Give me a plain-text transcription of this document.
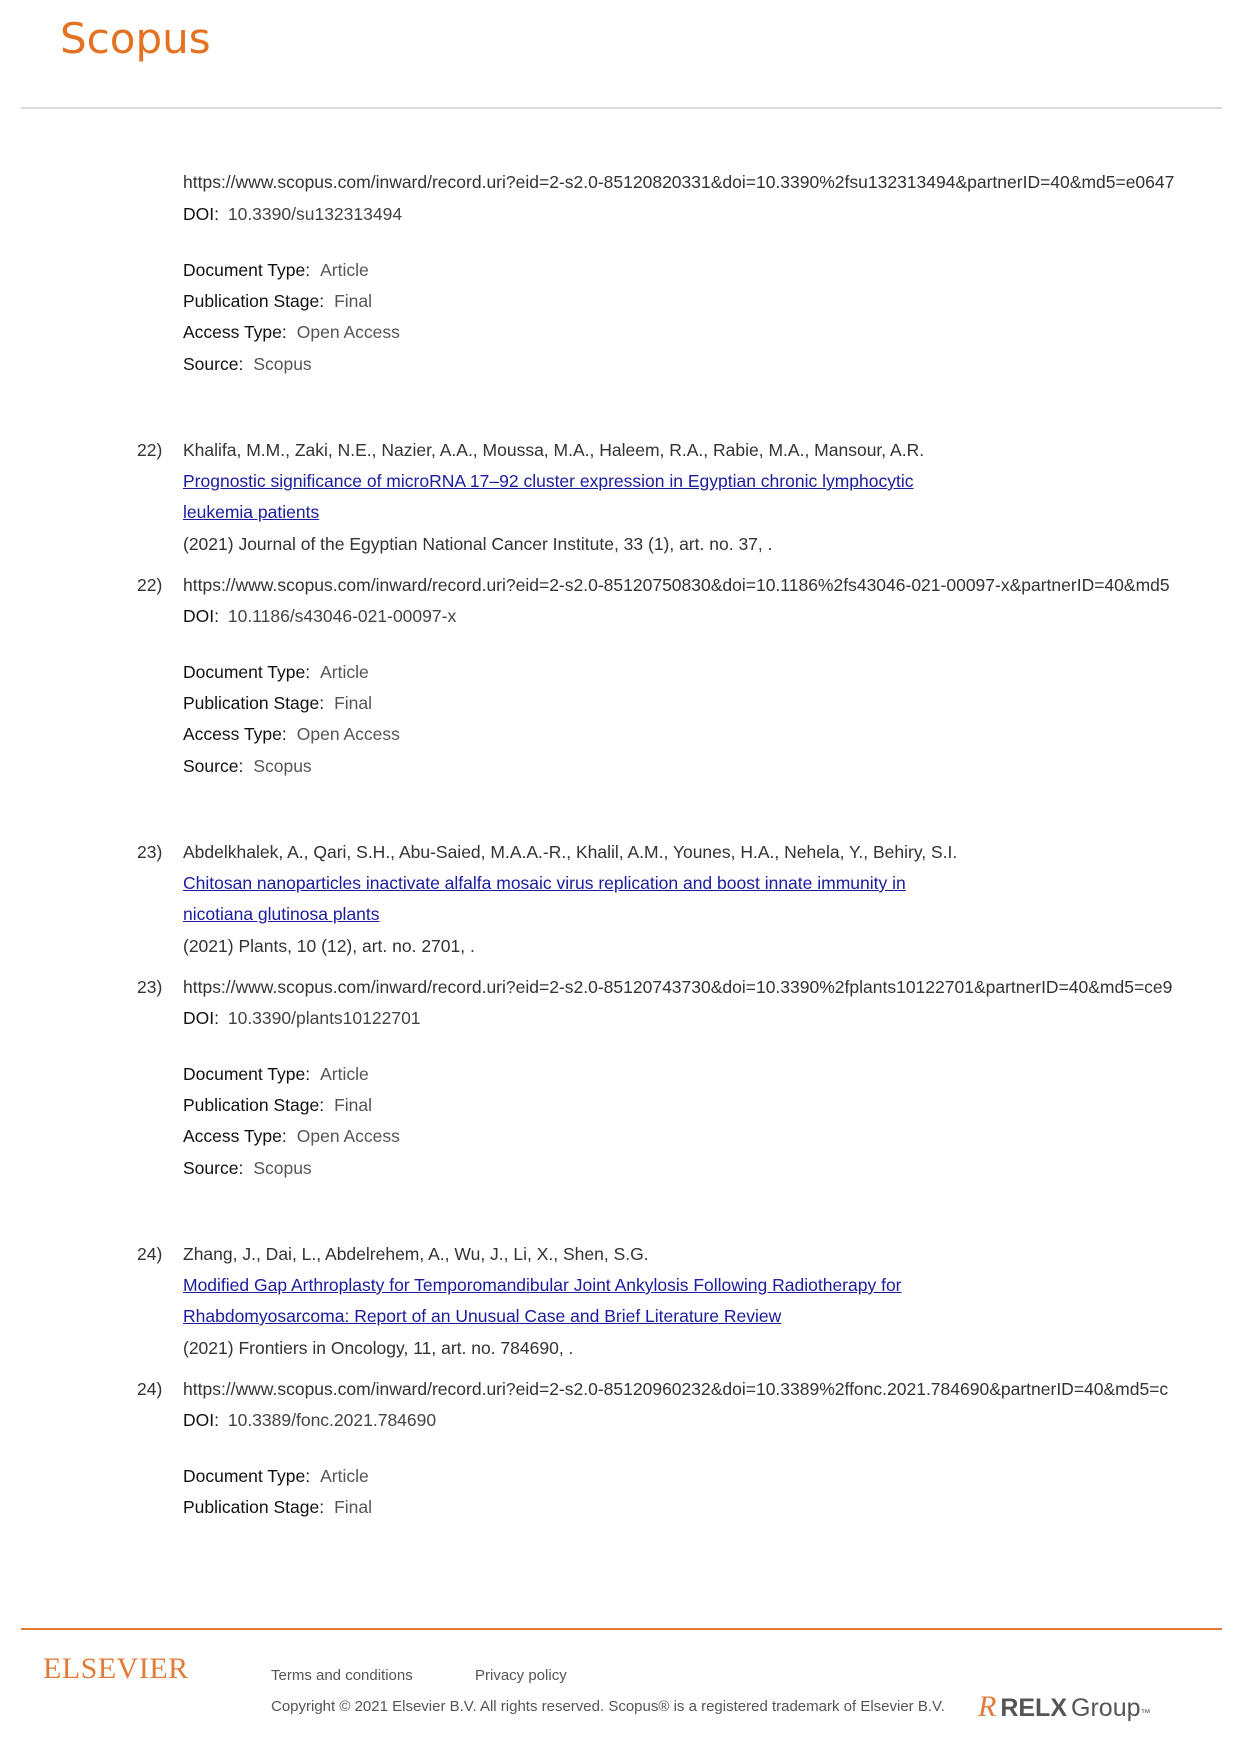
Scopus
https://www.scopus.com/inward/record.uri?eid=2-s2.0-85120820331&doi=10.3390%2fsu132313494&partnerID=40&md5=e0647
DOI: 10.3390/su132313494
Document Type: Article
Publication Stage: Final
Access Type: Open Access
Source: Scopus
22) Khalifa, M.M., Zaki, N.E., Nazier, A.A., Moussa, M.A., Haleem, R.A., Rabie, M.A., Mansour, A.R.
Prognostic significance of microRNA 17–92 cluster expression in Egyptian chronic lymphocytic
leukemia patients
(2021) Journal of the Egyptian National Cancer Institute, 33 (1), art. no. 37, .
22) https://www.scopus.com/inward/record.uri?eid=2-s2.0-85120750830&doi=10.1186%2fs43046-021-00097-x&partnerID=40&md5
DOI: 10.1186/s43046-021-00097-x
Document Type: Article
Publication Stage: Final
Access Type: Open Access
Source: Scopus
23) Abdelkhalek, A., Qari, S.H., Abu-Saied, M.A.A.-R., Khalil, A.M., Younes, H.A., Nehela, Y., Behiry, S.I.
Chitosan nanoparticles inactivate alfalfa mosaic virus replication and boost innate immunity in
nicotiana glutinosa plants
(2021) Plants, 10 (12), art. no. 2701, .
23) https://www.scopus.com/inward/record.uri?eid=2-s2.0-85120743730&doi=10.3390%2fplants10122701&partnerID=40&md5=ce9
DOI: 10.3390/plants10122701
Document Type: Article
Publication Stage: Final
Access Type: Open Access
Source: Scopus
24) Zhang, J., Dai, L., Abdelrehem, A., Wu, J., Li, X., Shen, S.G.
Modified Gap Arthroplasty for Temporomandibular Joint Ankylosis Following Radiotherapy for
Rhabdomyosarcoma: Report of an Unusual Case and Brief Literature Review
(2021) Frontiers in Oncology, 11, art. no. 784690, .
24) https://www.scopus.com/inward/record.uri?eid=2-s2.0-85120960232&doi=10.3389%2ffonc.2021.784690&partnerID=40&md5=c
DOI: 10.3389/fonc.2021.784690
Document Type: Article
Publication Stage: Final
ELSEVIER	Terms and conditions	Privacy policy
Copyright © 2021 Elsevier B.V. All rights reserved. Scopus® is a registered trademark of Elsevier B.V. R RELX Group ™
